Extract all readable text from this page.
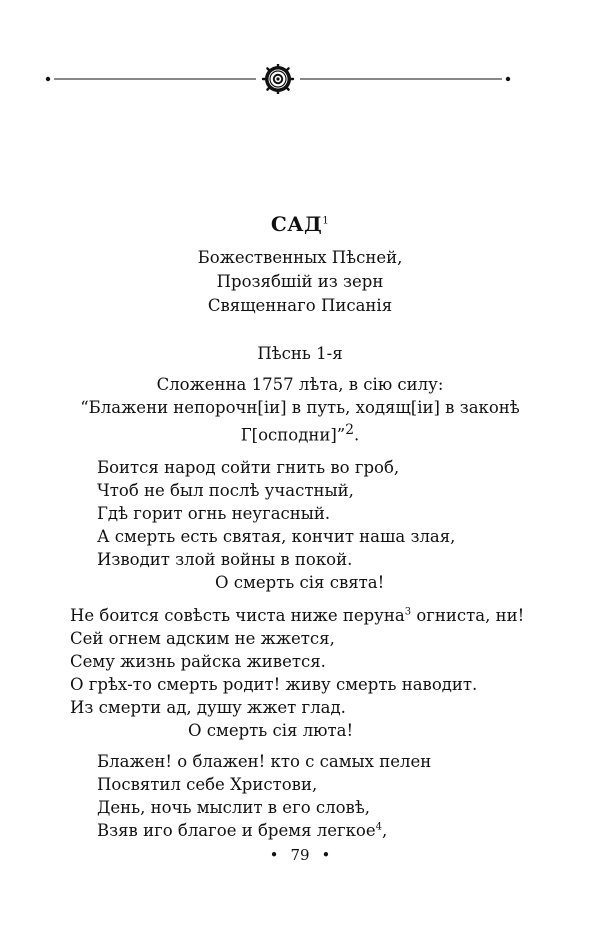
САД$^1$
Божественных Пѣсней,
Прозябшій из зерн
Священнаго Писанія
Пѣснь 1-я
Сложенна 1757 лѣта, в сію силу:
“Блажени непорочн[іи] в путь, ходящ[іи] в законѣ
Г[осподни]”$^2$.
Боится народ сойти гнить во гроб,
Чтоб не был послѣ участный,
Гдѣ горит огнь неугасный.
А смерть есть святая, кончит наша злая,
Изводит злой войны в покой.
О смерть сія свята!
Не боится совѣсть чиста ниже перуна$^3$ огниста, ни!
Сей огнем адским не жжется,
Сему жизнь райска живется.
О грѣх-то смерть родит! живу смерть наводит.
Из смерти ад, душу жжет глад.
О смерть сія люта!
Блажен! о блажен! кто с самых пелен
Посвятил себе Христови,
День, ночь мыслит в его словѣ,
Взяв иго благое и бремя легкое$^4$,
• 79 •
